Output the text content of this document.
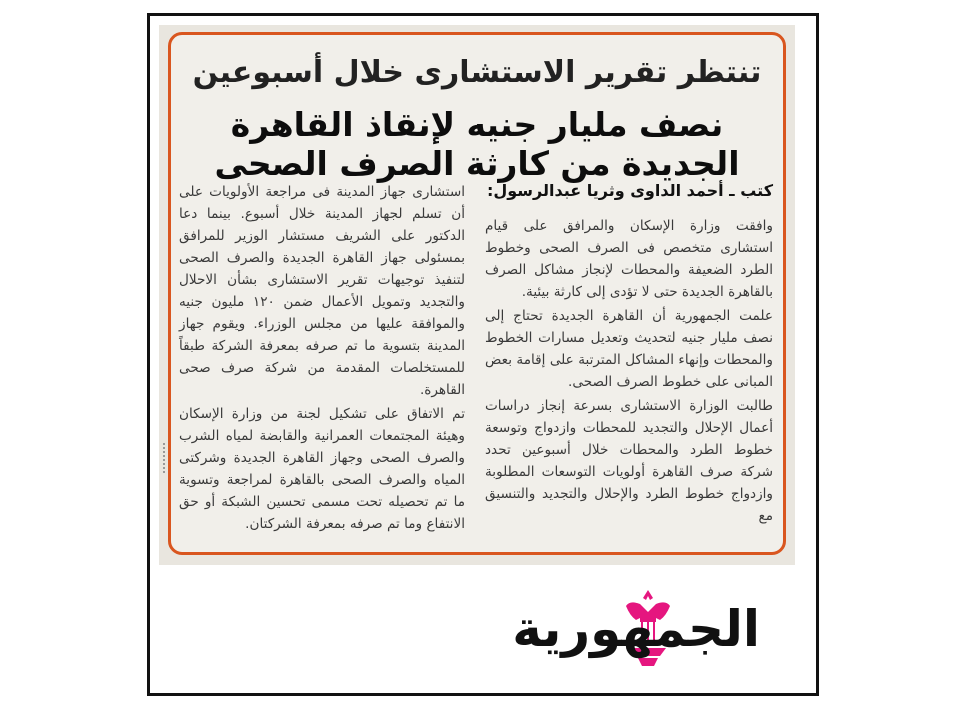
تنتظر تقرير الاستشارى خلال أسبوعين
نصف مليار جنيه لإنقاذ القاهرة الجديدة من كارثة الصرف الصحى
كتب ـ أحمد الداوى وثريا عبدالرسول:

وافقت وزارة الإسكان والمرافق على قيام استشارى متخصص فى الصرف الصحى وخطوط الطرد الضعيفة والمحطات لإنجاز مشاكل الصرف بالقاهرة الجديدة حتى لا تؤدى إلى كارثة بيئية.

علمت الجمهورية أن القاهرة الجديدة تحتاج إلى نصف مليار جنيه لتحديث وتعديل مسارات الخطوط والمحطات وإنهاء المشاكل المترتبة على إقامة بعض المبانى على خطوط الصرف الصحى.

طالبت الوزارة الاستشارى بسرعة إنجاز دراسات أعمال الإحلال والتجديد للمحطات وازدواج وتوسعة خطوط الطرد والمحطات خلال أسبوعين تحدد شركة صرف القاهرة أولويات التوسعات المطلوبة وازدواج خطوط الطرد والإحلال والتجديد والتنسيق مع

استشارى جهاز المدينة فى مراجعة الأولويات على أن تسلم لجهاز المدينة خلال أسبوع. بينما دعا الدكتور على الشريف مستشار الوزير للمرافق بمسئولى جهاز القاهرة الجديدة والصرف الصحى لتنفيذ توجيهات تقرير الاستشارى بشأن الاحلال والتجديد وتمويل الأعمال ضمن ١٢٠ مليون جنيه والموافقة عليها من مجلس الوزراء. ويقوم جهاز المدينة بتسوية ما تم صرفه بمعرفة الشركة طبقاً للمستخلصات المقدمة من شركة صرف صحى القاهرة.

تم الاتفاق على تشكيل لجنة من وزارة الإسكان وهيئة المجتمعات العمرانية والقابضة لمياه الشرب والصرف الصحى وجهاز القاهرة الجديدة وشركتى المياه والصرف الصحى بالقاهرة لمراجعة وتسوية ما تم تحصيله تحت مسمى تحسين الشبكة أو حق الانتفاع وما تم صرفه بمعرفة الشركتان.

الجمهورية
